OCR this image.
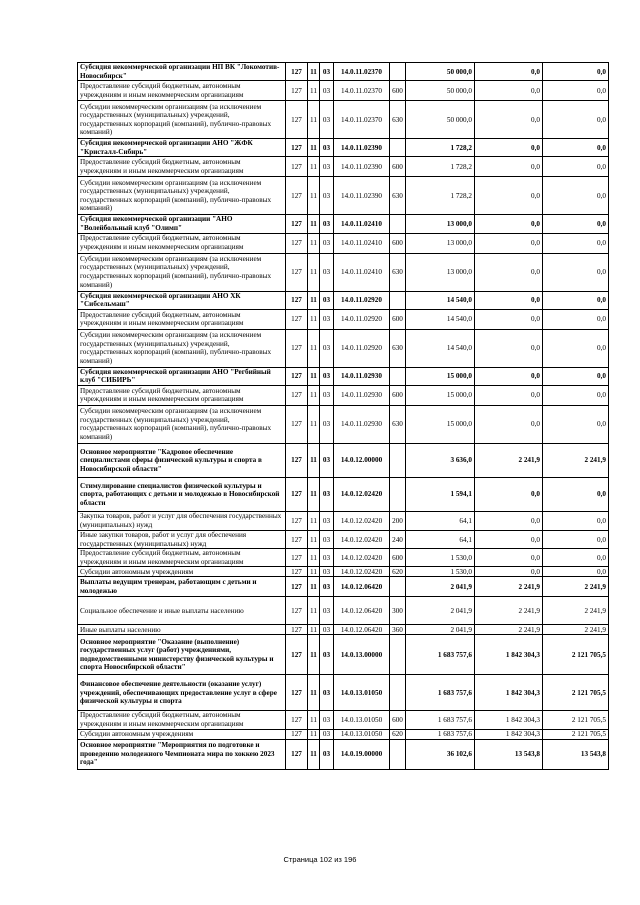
Субсидия некоммерческой организации НП ВК "Локомотив-Новосибирск"	127	11	03	14.0.11.02370		50 000,0	0,0	0,0
Предоставление субсидий бюджетным, автономным учреждениям и иным некоммерческим организациям	127	11	03	14.0.11.02370	600	50 000,0	0,0	0,0
Субсидии некоммерческим организациям (за исключением государственных (муниципальных) учреждений, государственных корпораций (компаний), публично-правовых компаний)	127	11	03	14.0.11.02370	630	50 000,0	0,0	0,0
Субсидия некоммерческой организации АНО "ЖФК "Кристалл-Сибирь"	127	11	03	14.0.11.02390		1 728,2	0,0	0,0
Предоставление субсидий бюджетным, автономным учреждениям и иным некоммерческим организациям	127	11	03	14.0.11.02390	600	1 728,2	0,0	0,0
Субсидии некоммерческим организациям (за исключением государственных (муниципальных) учреждений, государственных корпораций (компаний), публично-правовых компаний)	127	11	03	14.0.11.02390	630	1 728,2	0,0	0,0
Субсидия некоммерческой организации "АНО "Волейбольный клуб "Олимп"	127	11	03	14.0.11.02410		13 000,0	0,0	0,0
Предоставление субсидий бюджетным, автономным учреждениям и иным некоммерческим организациям	127	11	03	14.0.11.02410	600	13 000,0	0,0	0,0
Субсидии некоммерческим организациям (за исключением государственных (муниципальных) учреждений, государственных корпораций (компаний), публично-правовых компаний)	127	11	03	14.0.11.02410	630	13 000,0	0,0	0,0
Субсидия некоммерческой организации АНО ХК "Сибсельмаш"	127	11	03	14.0.11.02920		14 540,0	0,0	0,0
Предоставление субсидий бюджетным, автономным учреждениям и иным некоммерческим организациям	127	11	03	14.0.11.02920	600	14 540,0	0,0	0,0
Субсидии некоммерческим организациям (за исключением государственных (муниципальных) учреждений, государственных корпораций (компаний), публично-правовых компаний)	127	11	03	14.0.11.02920	630	14 540,0	0,0	0,0
Субсидия некоммерческой организации АНО "Регбийный клуб "СИБИРЬ"	127	11	03	14.0.11.02930		15 000,0	0,0	0,0
Предоставление субсидий бюджетным, автономным учреждениям и иным некоммерческим организациям	127	11	03	14.0.11.02930	600	15 000,0	0,0	0,0
Субсидии некоммерческим организациям (за исключением государственных (муниципальных) учреждений, государственных корпораций (компаний), публично-правовых компаний)	127	11	03	14.0.11.02930	630	15 000,0	0,0	0,0
Основное мероприятие "Кадровое обеспечение специалистами сферы физической культуры и спорта в Новосибирской области"	127	11	03	14.0.12.00000		3 636,0	2 241,9	2 241,9
Стимулирование специалистов физической культуры и спорта, работающих с детьми и молодежью в Новосибирской области	127	11	03	14.0.12.02420		1 594,1	0,0	0,0
Закупка товаров, работ и услуг для обеспечения государственных (муниципальных) нужд	127	11	03	14.0.12.02420	200	64,1	0,0	0,0
Иные закупки товаров, работ и услуг для обеспечения государственных (муниципальных) нужд	127	11	03	14.0.12.02420	240	64,1	0,0	0,0
Предоставление субсидий бюджетным, автономным учреждениям и иным некоммерческим организациям	127	11	03	14.0.12.02420	600	1 530,0	0,0	0,0
Субсидии автономным учреждениям	127	11	03	14.0.12.02420	620	1 530,0	0,0	0,0
Выплаты ведущим тренерам, работающим с детьми и молодежью	127	11	03	14.0.12.06420		2 041,9	2 241,9	2 241,9
Социальное обеспечение и иные выплаты населению	127	11	03	14.0.12.06420	300	2 041,9	2 241,9	2 241,9
Иные выплаты населению	127	11	03	14.0.12.06420	360	2 041,9	2 241,9	2 241,9
Основное мероприятие "Оказание (выполнение) государственных услуг (работ) учреждениями, подведомственными министерству физической культуры и спорта Новосибирской области"	127	11	03	14.0.13.00000		1 683 757,6	1 842 304,3	2 121 705,5
Финансовое обеспечение деятельности (оказание услуг) учреждений, обеспечивающих предоставление услуг в сфере физической культуры и спорта	127	11	03	14.0.13.01050		1 683 757,6	1 842 304,3	2 121 705,5
Предоставление субсидий бюджетным, автономным учреждениям и иным некоммерческим организациям	127	11	03	14.0.13.01050	600	1 683 757,6	1 842 304,3	2 121 705,5
Субсидии автономным учреждениям	127	11	03	14.0.13.01050	620	1 683 757,6	1 842 304,3	2 121 705,5
Основное мероприятие "Мероприятия по подготовке и проведению молодежного Чемпионата мира по хоккею 2023 года"	127	11	03	14.0.19.00000		36 102,6	13 543,8	13 543,8
Страница 102 из 196
